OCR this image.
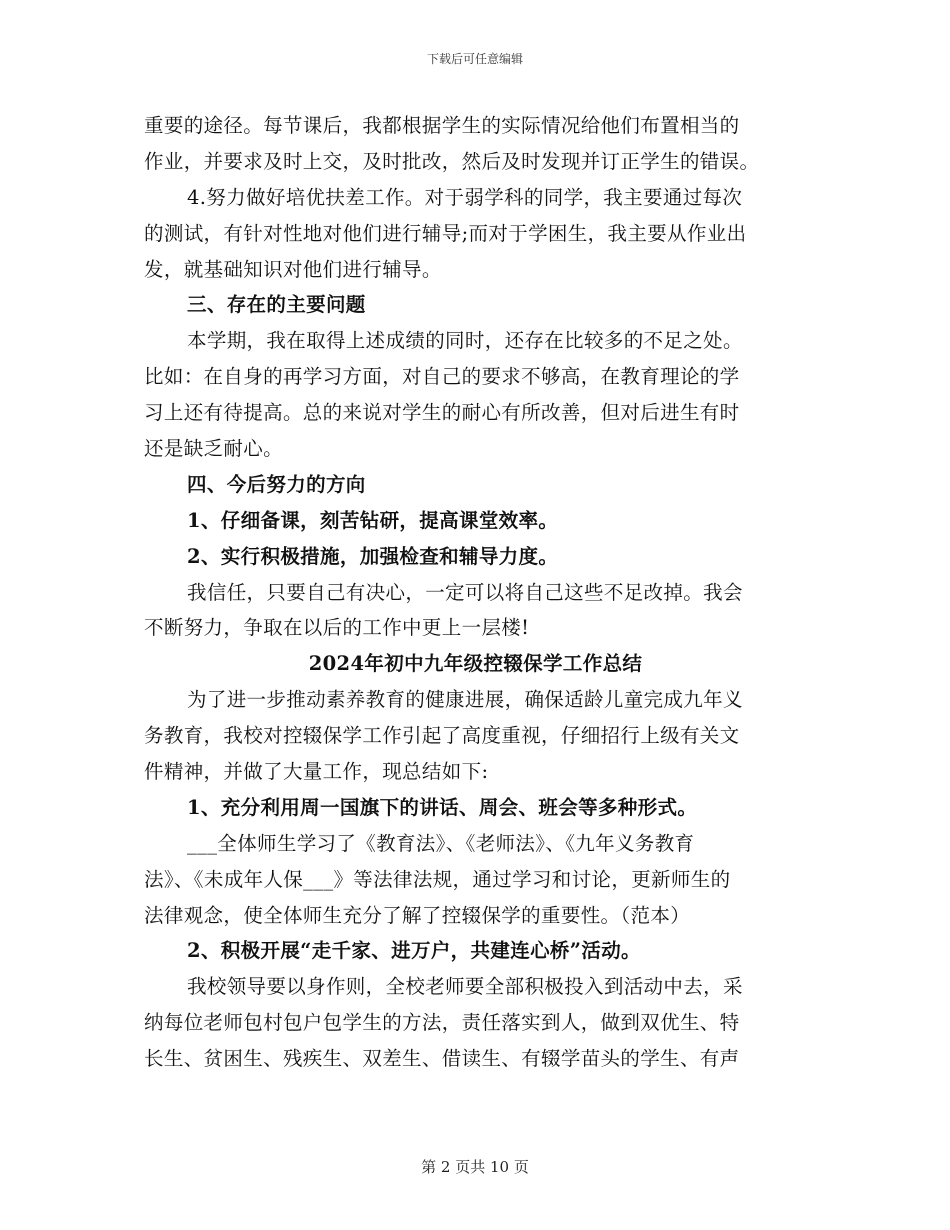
下载后可任意编辑
重要的途径。每节课后，我都根据学生的实际情况给他们布置相当的
作业，并要求及时上交，及时批改，然后及时发现并订正学生的错误。
4.努力做好培优扶差工作。对于弱学科的同学，我主要通过每次
的测试，有针对性地对他们进行辅导;而对于学困生，我主要从作业出
发，就基础知识对他们进行辅导。
三、存在的主要问题
本学期，我在取得上述成绩的同时，还存在比较多的不足之处。
比如：在自身的再学习方面，对自己的要求不够高，在教育理论的学
习上还有待提高。总的来说对学生的耐心有所改善，但对后进生有时
还是缺乏耐心。
四、今后努力的方向
1、仔细备课，刻苦钻研，提高课堂效率。
2、实行积极措施，加强检查和辅导力度。
我信任，只要自己有决心，一定可以将自己这些不足改掉。我会
不断努力，争取在以后的工作中更上一层楼!
2024年初中九年级控辍保学工作总结
为了进一步推动素养教育的健康进展，确保适龄儿童完成九年义
务教育，我校对控辍保学工作引起了高度重视，仔细招行上级有关文
件精神，并做了大量工作，现总结如下:
1、充分利用周一国旗下的讲话、周会、班会等多种形式。
___全体师生学习了《教育法》、《老师法》、《九年义务教育
法》、《未成年人保___》等法律法规，通过学习和讨论，更新师生的
法律观念，使全体师生充分了解了控辍保学的重要性。（范本）
2、积极开展“走千家、进万户，共建连心桥”活动。
我校领导要以身作则，全校老师要全部积极投入到活动中去，采
纳每位老师包村包户包学生的方法，责任落实到人，做到双优生、特
长生、贫困生、残疾生、双差生、借读生、有辍学苗头的学生、有声
第 2 页共 10 页
